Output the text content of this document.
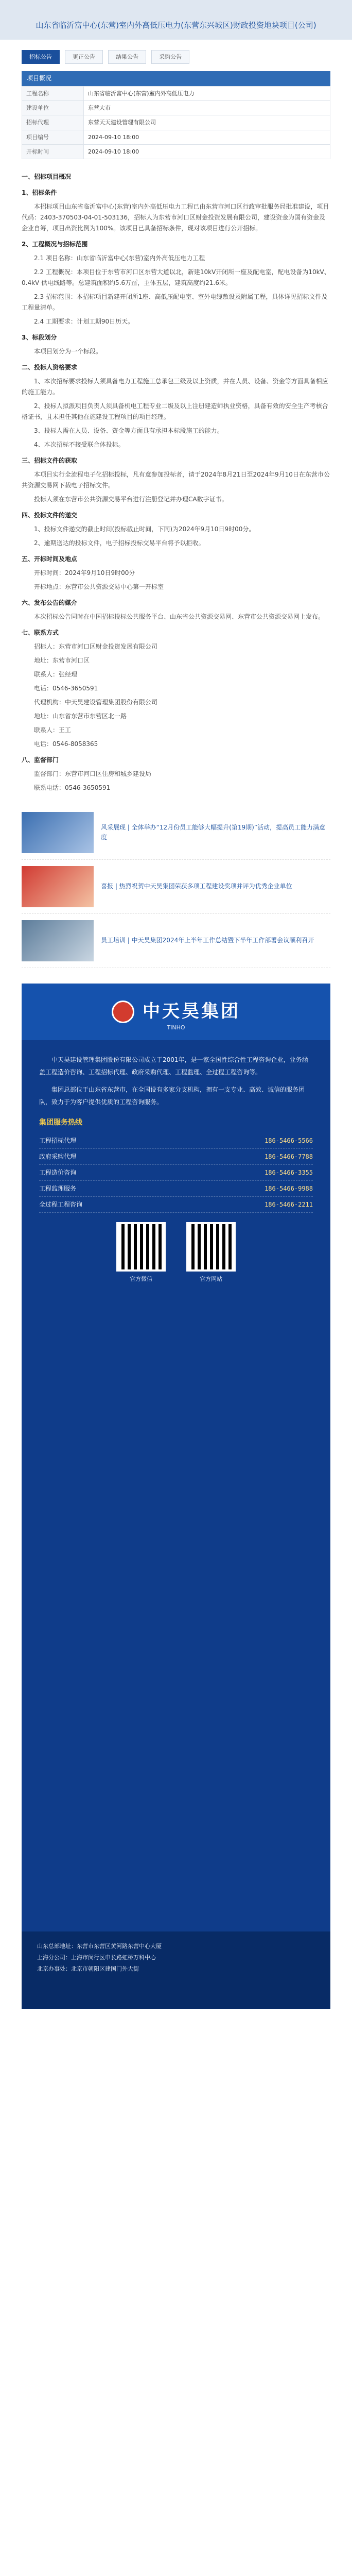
山东省临沂富中心(东营)室内外高低压电力(东营东兴城区)财政投资地块项目(公司)
招标公告	更正公告	结果公告	采购公告
项目概况
工程名称	山东省临沂富中心(东营)室内外高低压电力
建设单位	东营大市
招标代理	东营天天建设管理有限公司
项目编号	2024-09-10 18:00
开标时间	2024-09-10 18:00
一、招标项目概况
1、招标条件
本招标项目山东省临沂富中心(东营)室内外高低压电力工程已由东营市河口区行政审批服务局批准建设，项目代码：2403-370503-04-01-503136，招标人为东营市河口区财金投资发展有限公司，建设资金为国有资金及企业自筹，项目出资比例为100%。该项目已具备招标条件，现对该项目进行公开招标。
2、工程概况与招标范围
2.1 项目名称：山东省临沂富中心(东营)室内外高低压电力工程
2.2 工程概况：本项目位于东营市河口区东营大道以北，新建10kV开闭所一座及配电室，配电设备为10kV、0.4kV 供电线路等。总建筑面积约5.6万㎡，主体五层，建筑高度约21.6米。
2.3 招标范围：本招标项目新建开闭所1座、高低压配电室、室外电缆敷设及附属工程，具体详见招标文件及工程量清单。
2.4 工期要求：计划工期90日历天。
3、标段划分
本项目划分为一个标段。
二、投标人资格要求
1、本次招标要求投标人须具备电力工程施工总承包三级及以上资质，并在人员、设备、资金等方面具备相应的施工能力。
2、投标人拟派项目负责人须具备机电工程专业二级及以上注册建造师执业资格，具备有效的安全生产考核合格证书，且未担任其他在施建设工程项目的项目经理。
3、投标人需在人员、设备、资金等方面具有承担本标段施工的能力。
4、本次招标不接受联合体投标。
三、招标文件的获取
本项目实行全流程电子化招标投标，凡有意参加投标者，请于2024年8月21日至2024年9月10日在东营市公共资源交易网下载电子招标文件。
投标人须在东营市公共资源交易平台进行注册登记并办理CA数字证书。
四、投标文件的递交
1、投标文件递交的截止时间(投标截止时间，下同)为2024年9月10日9时00分。
2、逾期送达的投标文件，电子招标投标交易平台将予以拒收。
五、开标时间及地点
开标时间：2024年9月10日9时00分
开标地点：东营市公共资源交易中心第一开标室
六、发布公告的媒介
本次招标公告同时在中国招标投标公共服务平台、山东省公共资源交易网、东营市公共资源交易网上发布。
七、联系方式
招标人：东营市河口区财金投资发展有限公司
地址：东营市河口区
联系人：张经理
电话：0546-3650591
代理机构：中天昊建设管理集团股份有限公司
地址：山东省东营市东营区北一路
联系人：王工
电话：0546-8058365
八、监督部门
监督部门：东营市河口区住房和城乡建设局
联系电话：0546-3650591
风采展现 | 全体举办“12月份员工能够大幅提升(第19期)”活动，提高员工能力满意度
喜报 | 热烈祝贺中天昊集团荣获多项工程建设奖项并评为优秀企业单位
员工培训 | 中天昊集团2024年上半年工作总结暨下半年工作部署会议顺利召开
中天昊集团
TINHO
中天昊建设管理集团股份有限公司成立于2001年，是一家全国性综合性工程咨询企业，业务涵盖工程造价咨询、工程招标代理、政府采购代理、工程监理、全过程工程咨询等。
集团总部位于山东省东营市，在全国设有多家分支机构，拥有一支专业、高效、诚信的服务团队，致力于为客户提供优质的工程咨询服务。
集团服务热线
工程招标代理	186-5466-5566
政府采购代理	186-5466-7788
工程造价咨询	186-5466-3355
工程监理服务	186-5466-9988
全过程工程咨询	186-5466-2211
官方微信	官方网站
山东总部地址：东营市东营区黄河路东营中心大厦
上海分公司：上海市闵行区申长路虹桥万科中心
北京办事处：北京市朝阳区建国门外大街
